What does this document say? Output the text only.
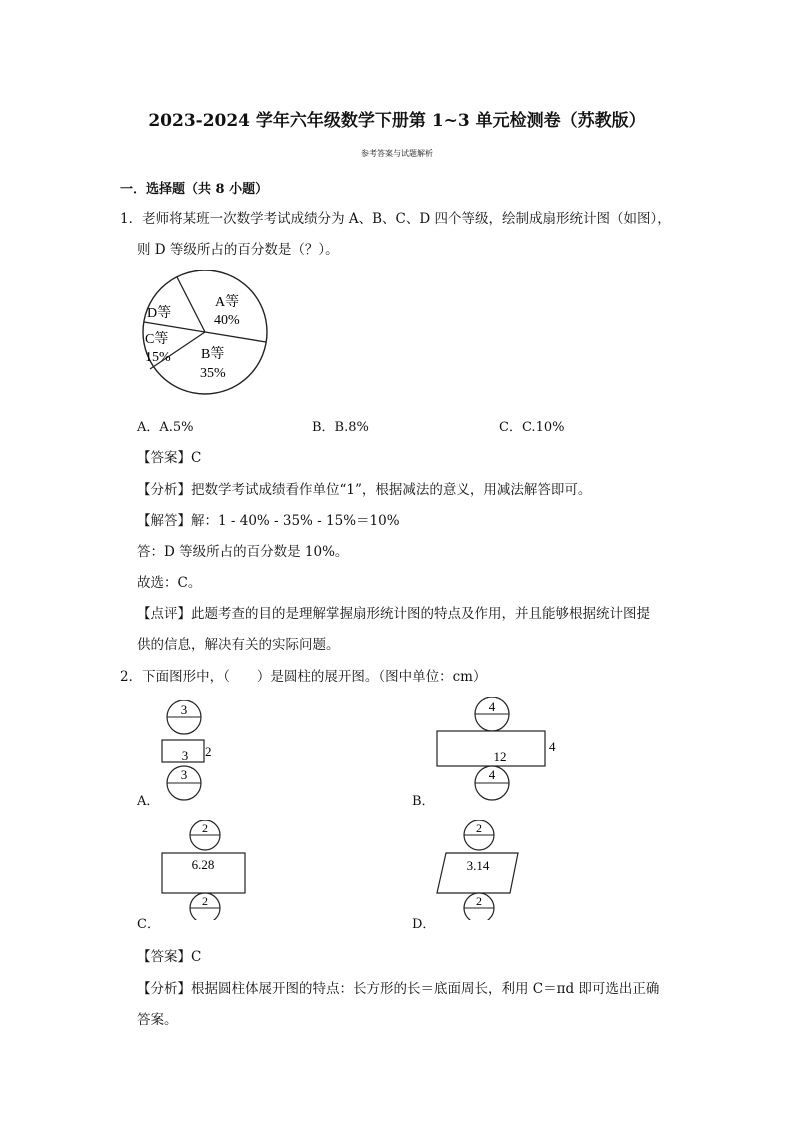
2023-2024 学年六年级数学下册第 1~3 单元检测卷（苏教版）
参考答案与试题解析
一．选择题（共 8 小题）
1．老师将某班一次数学考试成绩分为 A、B、C、D 四个等级，绘制成扇形统计图（如图），
则 D 等级所占的百分数是（？）。
A等
40%
B等
35%
C等
15%
D等
A．A.5%	B．B.8%	C．C.10%
【答案】C
【分析】把数学考试成绩看作单位“1”，根据减法的意义，用减法解答即可。
【解答】解：1 - 40% - 35% - 15%＝10%
答：D 等级所占的百分数是 10%。
故选：C。
【点评】此题考查的目的是理解掌握扇形统计图的特点及作用，并且能够根据统计图提
供的信息，解决有关的实际问题。
2．下面图形中，（　　）是圆柱的展开图。（图中单位：cm）
3
3 2
3
A．
4
12
4
4
B．
2
6.28
2
C．
2
3.14
2
D．
【答案】C
【分析】根据圆柱体展开图的特点：长方形的长＝底面周长，利用 C＝πd 即可选出正确
答案。
